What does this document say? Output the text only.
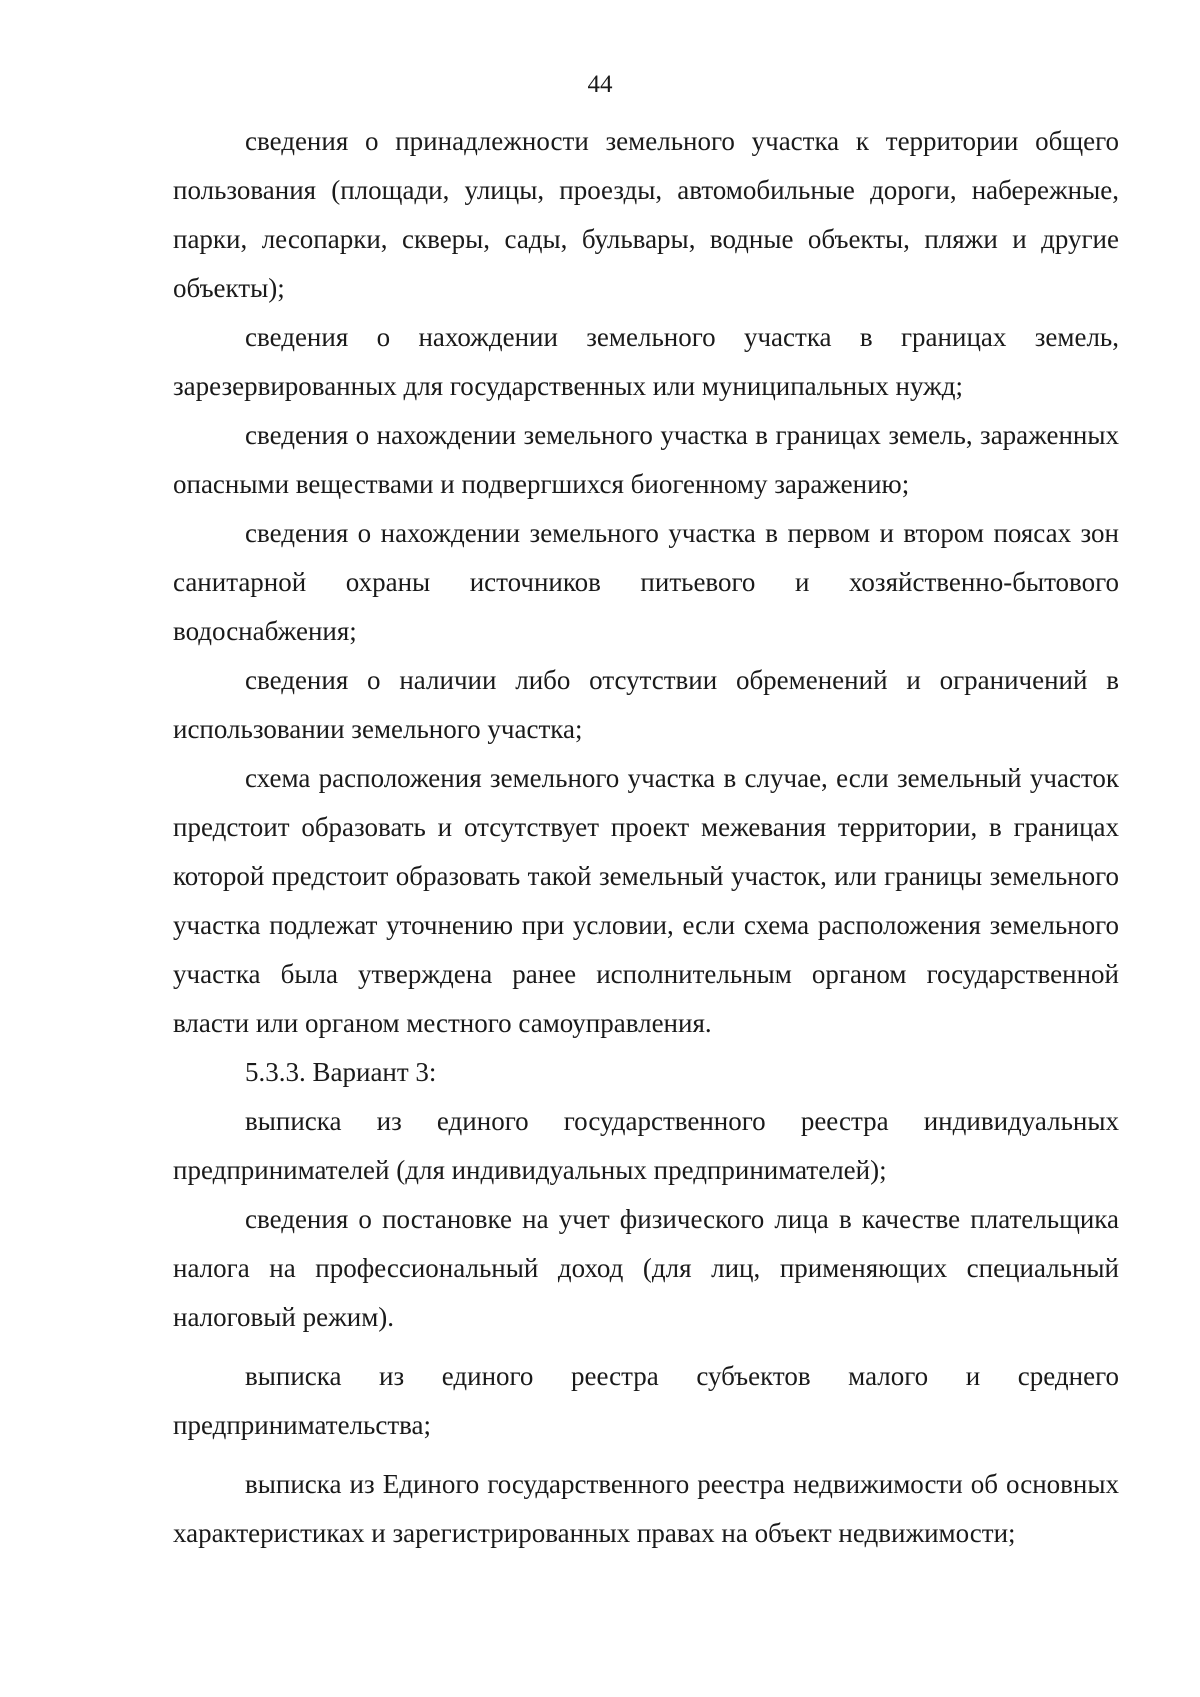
44

сведения о принадлежности земельного участка к территории общего пользования (площади, улицы, проезды, автомобильные дороги, набережные, парки, лесопарки, скверы, сады, бульвары, водные объекты, пляжи и другие объекты);

сведения о нахождении земельного участка в границах земель, зарезервированных для государственных или муниципальных нужд;

сведения о нахождении земельного участка в границах земель, зараженных опасными веществами и подвергшихся биогенному заражению;

сведения о нахождении земельного участка в первом и втором поясах зон санитарной охраны источников питьевого и хозяйственно-бытового водоснабжения;

сведения о наличии либо отсутствии обременений и ограничений в использовании земельного участка;

схема расположения земельного участка в случае, если земельный участок предстоит образовать и отсутствует проект межевания территории, в границах которой предстоит образовать такой земельный участок, или границы земельного участка подлежат уточнению при условии, если схема расположения земельного участка была утверждена ранее исполнительным органом государственной власти или органом местного самоуправления.

5.3.3. Вариант 3:

выписка из единого государственного реестра индивидуальных предпринимателей (для индивидуальных предпринимателей);

сведения о постановке на учет физического лица в качестве плательщика налога на профессиональный доход (для лиц, применяющих специальный налоговый режим).

выписка из единого реестра субъектов малого и среднего предпринимательства;

выписка из Единого государственного реестра недвижимости об основных характеристиках и зарегистрированных правах на объект недвижимости;
